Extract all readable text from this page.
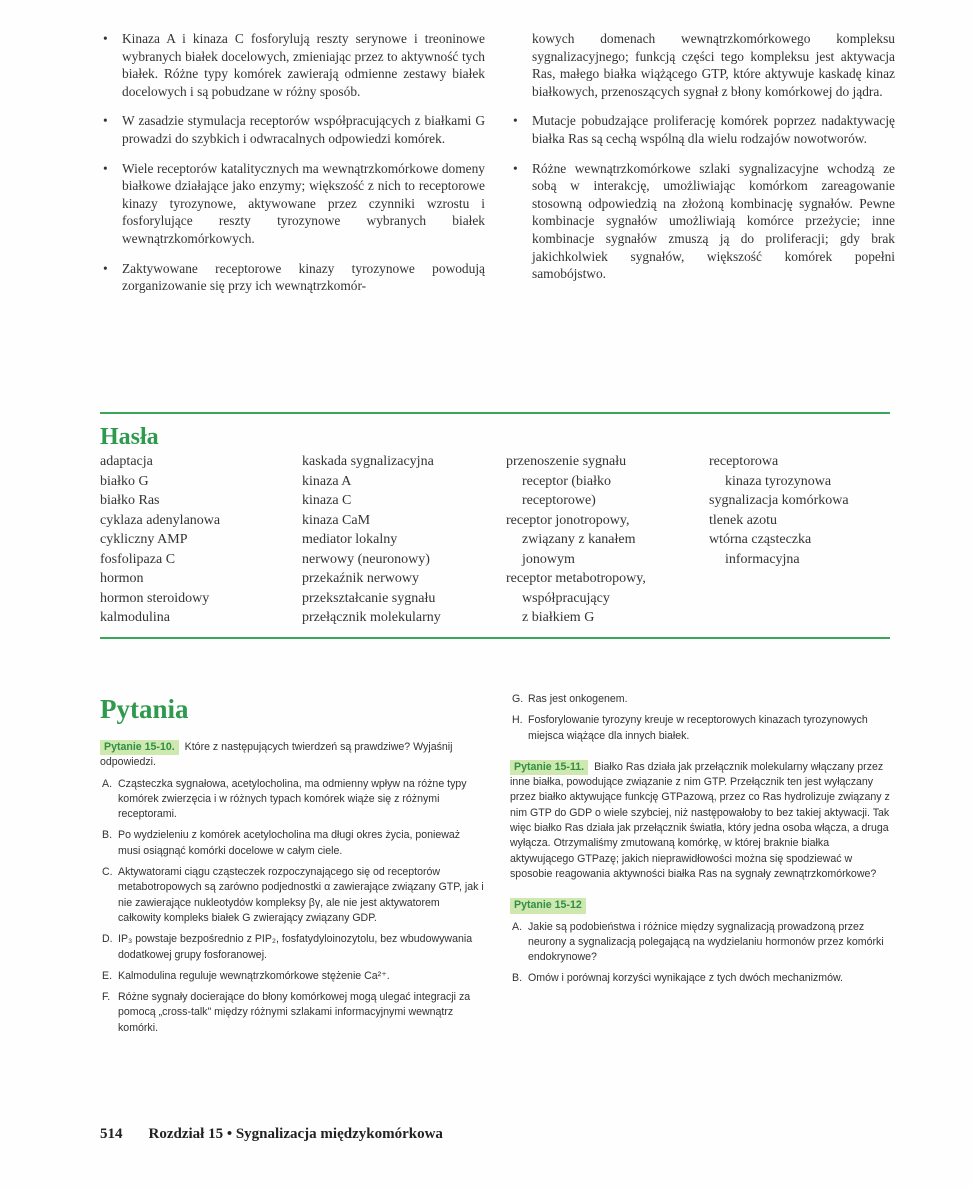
• Kinaza A i kinaza C fosforylują reszty serynowe i treoninowe wybranych białek docelowych, zmieniając przez to aktywność tych białek. Różne typy komórek zawierają odmienne zestawy białek docelowych i są pobudzane w różny sposób.
• W zasadzie stymulacja receptorów współpracujących z białkami G prowadzi do szybkich i odwracalnych odpowiedzi komórek.
• Wiele receptorów katalitycznych ma wewnątrzkomórkowe domeny białkowe działające jako enzymy; większość z nich to receptorowe kinazy tyrozynowe, aktywowane przez czynniki wzrostu i fosforylujące reszty tyrozynowe wybranych białek wewnątrzkomórkowych.
• Zaktywowane receptorowe kinazy tyrozynowe powodują zorganizowanie się przy ich wewnątrzkomór-

kowych domenach wewnątrzkomórkowego kompleksu sygnalizacyjnego; funkcją części tego kompleksu jest aktywacja Ras, małego białka wiążącego GTP, które aktywuje kaskadę kinaz białkowych, przenoszących sygnał z błony komórkowej do jądra.

• Mutacje pobudzające proliferację komórek poprzez nadaktywację białka Ras są cechą wspólną dla wielu rodzajów nowotworów.
• Różne wewnątrzkomórkowe szlaki sygnalizacyjne wchodzą ze sobą w interakcję, umożliwiając komórkom zareagowanie stosowną odpowiedzią na złożoną kombinację sygnałów. Pewne kombinacje sygnałów umożliwiają komórce przeżycie; inne kombinacje sygnałów zmuszą ją do proliferacji; gdy brak jakichkolwiek sygnałów, większość komórek popełni samobójstwo.
Hasła
adaptacja
białko G
białko Ras
cyklaza adenylanowa
cykliczny AMP
fosfolipaza C
hormon
hormon steroidowy
kalmodulina
kaskada sygnalizacyjna
kinaza A
kinaza C
kinaza CaM
mediator lokalny
nerwowy (neuronowy)
przekaźnik nerwowy
przekształcanie sygnału
przełącznik molekularny
przenoszenie sygnału
receptor (białko
receptorowe)
receptor jonotropowy,
związany z kanałem
jonowym
receptor metabotropowy,
współpracujący
z białkiem G
receptorowa
kinaza tyrozynowa
sygnalizacja komórkowa
tlenek azotu
wtórna cząsteczka
informacyjna
Pytania

Pytanie 15-10. Które z następujących twierdzeń są prawdziwe? Wyjaśnij odpowiedzi.

A. Cząsteczka sygnałowa, acetylocholina, ma odmienny wpływ na różne typy komórek zwierzęcia i w różnych typach komórek wiąże się z różnymi receptorami.
B. Po wydzieleniu z komórek acetylocholina ma długi okres życia, ponieważ musi osiągnąć komórki docelowe w całym ciele.
C. Aktywatorami ciągu cząsteczek rozpoczynającego się od receptorów metabotropowych są zarówno podjednostki α zawierające związany GTP, jak i nie zawierające nukleotydów kompleksy βγ, ale nie jest aktywatorem całkowity kompleks białek G zwierający związany GDP.
D. IP₃ powstaje bezpośrednio z PIP₂, fosfatydyloinozytolu, bez wbudowywania dodatkowej grupy fosforanowej.
E. Kalmodulina reguluje wewnątrzkomórkowe stężenie Ca²⁺.
F. Różne sygnały docierające do błony komórkowej mogą ulegać integracji za pomocą „cross-talk" między różnymi szlakami informacyjnymi wewnątrz komórki.
G. Ras jest onkogenem.
H. Fosforylowanie tyrozyny kreuje w receptorowych kinazach tyrozynowych miejsca wiążące dla innych białek.

Pytanie 15-11. Białko Ras działa jak przełącznik molekularny włączany przez inne białka, powodujące związanie z nim GTP. Przełącznik ten jest wyłączany przez białko aktywujące funkcję GTPazową, przez co Ras hydrolizuje związany z nim GTP do GDP o wiele szybciej, niż następowałoby to bez takiej aktywacji. Tak więc białko Ras działa jak przełącznik światła, który jedna osoba włącza, a druga wyłącza. Otrzymaliśmy zmutowaną komórkę, w której braknie białka aktywującego GTPazę; jakich nieprawidłowości można się spodziewać w sposobie reagowania aktywności białka Ras na sygnały zewnątrzkomórkowe?

Pytanie 15-12

A. Jakie są podobieństwa i różnice między sygnalizacją prowadzoną przez neurony a sygnalizacją polegającą na wydzielaniu hormonów przez komórki endokrynowe?
B. Omów i porównaj korzyści wynikające z tych dwóch mechanizmów.
514 Rozdział 15 • Sygnalizacja międzykomórkowa
